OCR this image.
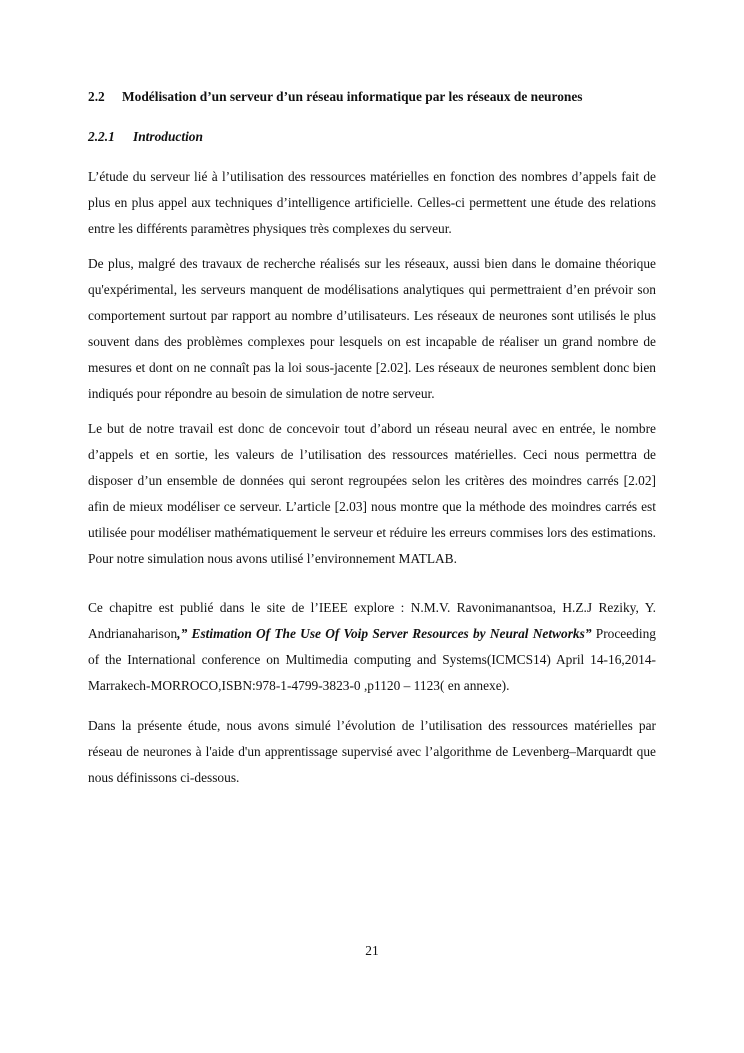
2.2 Modélisation d’un serveur d’un réseau informatique par les réseaux de neurones
2.2.1 Introduction

L’étude du serveur lié à l’utilisation des ressources matérielles en fonction des nombres d’appels fait de plus en plus appel aux techniques d’intelligence artificielle. Celles-ci permettent une étude des relations entre les différents paramètres physiques très complexes du serveur.

De plus, malgré des travaux de recherche réalisés sur les réseaux, aussi bien dans le domaine théorique qu'expérimental, les serveurs manquent de modélisations analytiques qui permettraient d’en prévoir son comportement surtout par rapport au nombre d’utilisateurs. Les réseaux de neurones sont utilisés le plus souvent dans des problèmes complexes pour lesquels on est incapable de réaliser un grand nombre de mesures et dont on ne connaît pas la loi sous-jacente [2.02]. Les réseaux de neurones semblent donc bien indiqués pour répondre au besoin de simulation de notre serveur.

Le but de notre travail est donc de concevoir tout d’abord un réseau neural avec en entrée, le nombre d’appels et en sortie, les valeurs de l’utilisation des ressources matérielles. Ceci nous permettra de disposer d’un ensemble de données qui seront regroupées selon les critères des moindres carrés [2.02] afin de mieux modéliser ce serveur. L’article [2.03] nous montre que la méthode des moindres carrés est utilisée pour modéliser mathématiquement le serveur et réduire les erreurs commises lors des estimations. Pour notre simulation nous avons utilisé l’environnement MATLAB.

Ce chapitre est publié dans le site de l’IEEE explore : N.M.V. Ravonimanantsoa, H.Z.J Reziky, Y. Andrianaharison,” Estimation Of The Use Of Voip Server Resources by Neural Networks” Proceeding of the International conference on Multimedia computing and Systems(ICMCS14) April 14-16,2014-Marrakech-MORROCO,ISBN:978-1-4799-3823-0 ,p1120 – 1123( en annexe).

Dans la présente étude, nous avons simulé l’évolution de l’utilisation des ressources matérielles par réseau de neurones à l'aide d'un apprentissage supervisé avec l’algorithme de Levenberg–Marquardt que nous définissons ci-dessous.

21
